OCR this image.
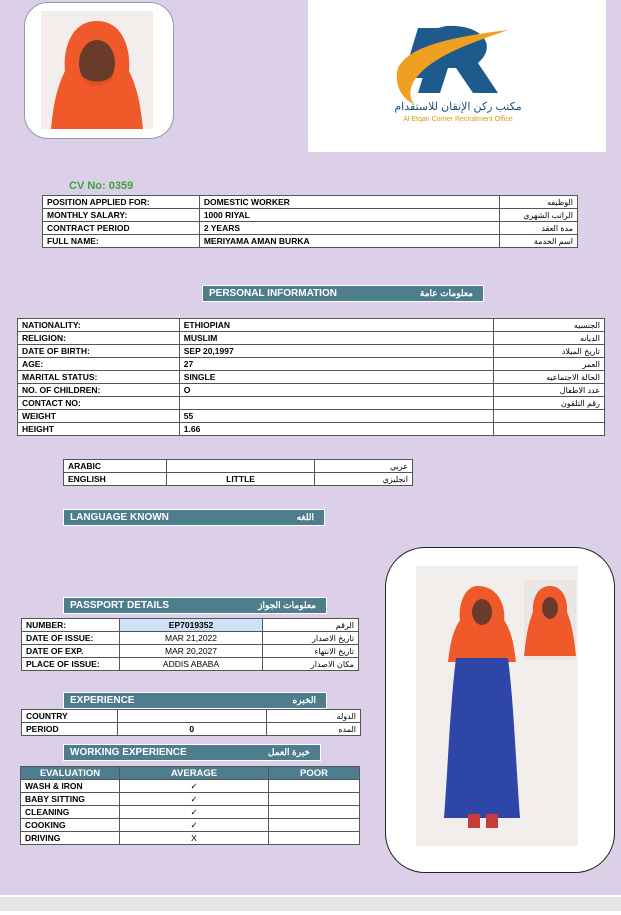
مكتب ركن الإتقان للاستقدام
Al Etqan Corner Recruitment Office
CV No: 0359
POSITION APPLIED FOR:	DOMESTIC WORKER	الوظيفه
MONTHLY SALARY:	1000 RIYAL	الراتب الشهري
CONTRACT PERIOD	2 YEARS	مدة العقد
FULL NAME:	MERIYAMA AMAN BURKA	اسم الخدمة
PERSONAL INFORMATION	معلومات عامة
NATIONALITY:	ETHIOPIAN	الجنسيه
RELIGION:	MUSLIM	الديانه
DATE OF BIRTH:	SEP 20,1997	تاريخ الميلاد
AGE:	27	العمر
MARITAL STATUS:	SINGLE	الحالة الاجتماعيه
NO. OF CHILDREN:	O	عدد الاطفال
CONTACT NO:		رقم التلفون
WEIGHT	55	
HEIGHT	1.66	
ARABIC		عربي
ENGLISH	LITTLE	انجليزي
LANGUAGE KNOWN	اللغه
PASSPORT DETAILS	معلومات الجواز
NUMBER:	EP7019352	الرقم
DATE OF ISSUE:	MAR 21,2022	تاريخ الاصدار
DATE OF EXP.	MAR 20,2027	تاريخ الانتهاء
PLACE OF ISSUE:	ADDIS ABABA	مكان الاصدار
EXPERIENCE	الخبره
COUNTRY		الدوله
PERIOD	0	المده
WORKING EXPERIENCE	خبرة العمل
EVALUATION	AVERAGE	POOR
WASH & IRON	✓	
BABY SITTING	✓	
CLEANING	✓	
COOKING	✓	
DRIVING	X	
